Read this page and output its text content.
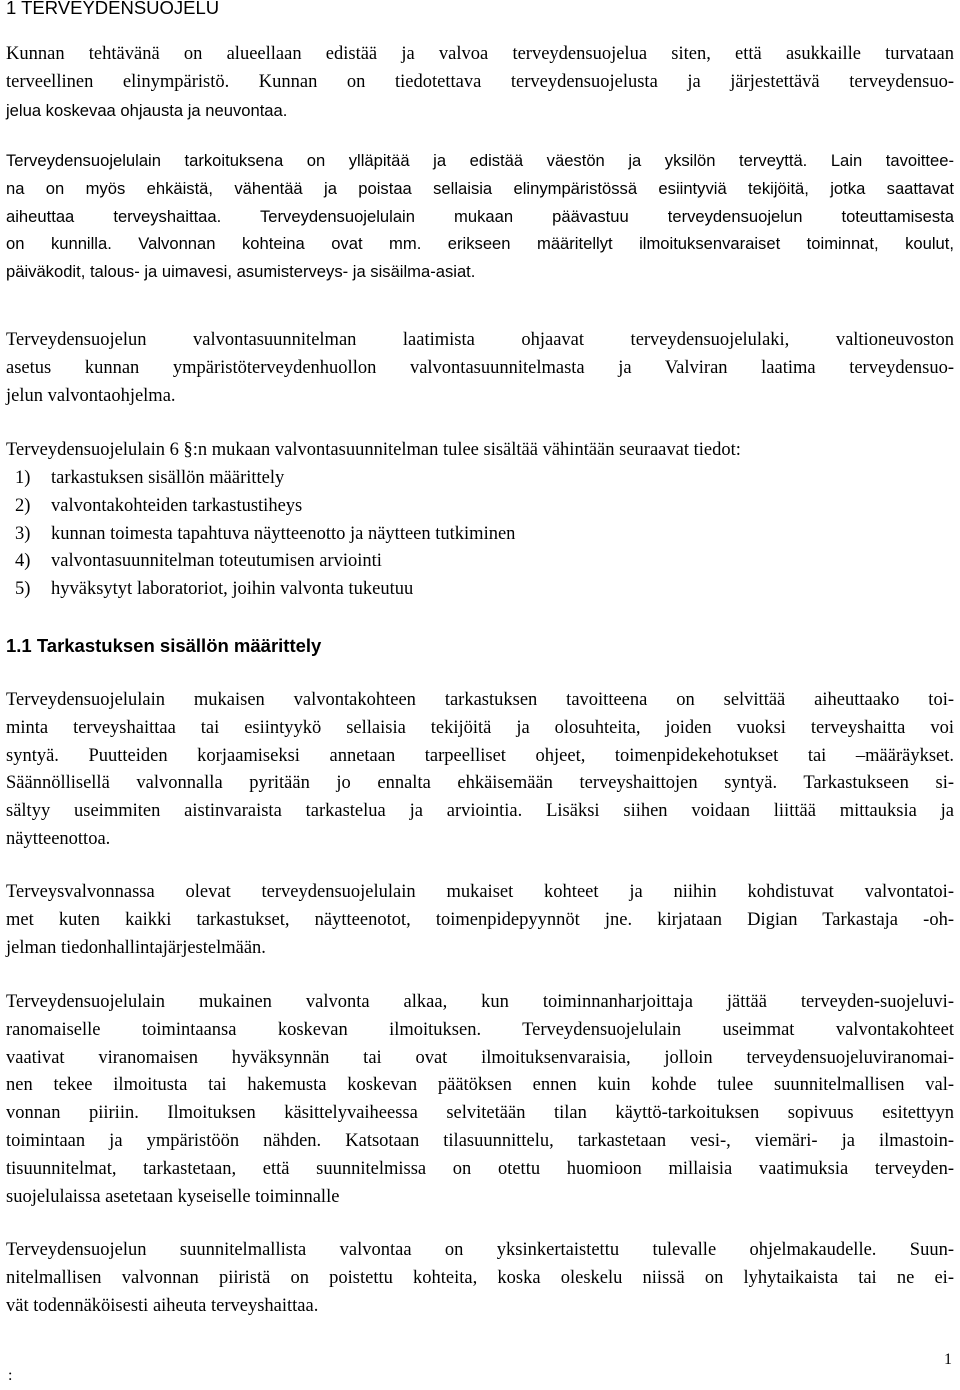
1 TERVEYDENSUOJELU
Kunnan tehtävänä on alueellaan edistää ja valvoa terveydensuojelua siten, että asukkaille turvataan
terveellinen elinympäristö. Kunnan on tiedotettava terveydensuojelusta ja järjestettävä terveydensuo-
jelua koskevaa ohjausta ja neuvontaa.
Terveydensuojelulain tarkoituksena on ylläpitää ja edistää väestön ja yksilön terveyttä. Lain tavoittee-
na on myös ehkäistä, vähentää ja poistaa sellaisia elinympäristössä esiintyviä tekijöitä, jotka saattavat
aiheuttaa terveyshaittaa. Terveydensuojelulain mukaan päävastuu terveydensuojelun toteuttamisesta
on kunnilla. Valvonnan kohteina ovat mm. erikseen määritellyt ilmoituksenvaraiset toiminnat, koulut,
päiväkodit, talous- ja uimavesi, asumisterveys- ja sisäilma-asiat.
Terveydensuojelun valvontasuunnitelman laatimista ohjaavat terveydensuojelulaki, valtioneuvoston
asetus kunnan ympäristöterveydenhuollon valvontasuunnitelmasta ja Valviran laatima terveydensuo-
jelun valvontaohjelma.
Terveydensuojelulain 6 §:n mukaan valvontasuunnitelman tulee sisältää vähintään seuraavat tiedot:
1) tarkastuksen sisällön määrittely
2) valvontakohteiden tarkastustiheys
3) kunnan toimesta tapahtuva näytteenotto ja näytteen tutkiminen
4) valvontasuunnitelman toteutumisen arviointi
5) hyväksytyt laboratoriot, joihin valvonta tukeutuu
1.1 Tarkastuksen sisällön määrittely
Terveydensuojelulain mukaisen valvontakohteen tarkastuksen tavoitteena on selvittää aiheuttaako toi-
minta terveyshaittaa tai esiintyykö sellaisia tekijöitä ja olosuhteita, joiden vuoksi terveyshaitta voi
syntyä. Puutteiden korjaamiseksi annetaan tarpeelliset ohjeet, toimenpidekehotukset tai –määräykset.
Säännöllisellä valvonnalla pyritään jo ennalta ehkäisemään terveyshaittojen syntyä. Tarkastukseen si-
sältyy useimmiten aistinvaraista tarkastelua ja arviointia. Lisäksi siihen voidaan liittää mittauksia ja
näytteenottoa.
Terveysvalvonnassa olevat terveydensuojelulain mukaiset kohteet ja niihin kohdistuvat valvontatoi-
met kuten kaikki tarkastukset, näytteenotot, toimenpidepyynnöt jne. kirjataan Digian Tarkastaja -oh-
jelman tiedonhallintajärjestelmään.
Terveydensuojelulain mukainen valvonta alkaa, kun toiminnanharjoittaja jättää terveyden-suojeluvi-
ranomaiselle toimintaansa koskevan ilmoituksen. Terveydensuojelulain useimmat valvontakohteet
vaativat viranomaisen hyväksynnän tai ovat ilmoituksenvaraisia, jolloin terveydensuojeluviranomai-
nen tekee ilmoitusta tai hakemusta koskevan päätöksen ennen kuin kohde tulee suunnitelmallisen val-
vonnan piiriin. Ilmoituksen käsittelyvaiheessa selvitetään tilan käyttö-tarkoituksen sopivuus esitettyyn
toimintaan ja ympäristöön nähden. Katsotaan tilasuunnittelu, tarkastetaan vesi-, viemäri- ja ilmastoin-
tisuunnitelmat, tarkastetaan, että suunnitelmissa on otettu huomioon millaisia vaatimuksia terveyden-
suojelulaissa asetetaan kyseiselle toiminnalle
Terveydensuojelun suunnitelmallista valvontaa on yksinkertaistettu tulevalle ohjelmakaudelle. Suun-
nitelmallisen valvonnan piiristä on poistettu kohteita, koska oleskelu niissä on lyhytaikaista tai ne ei-
vät todennäköisesti aiheuta terveyshaittaa.
:
1
